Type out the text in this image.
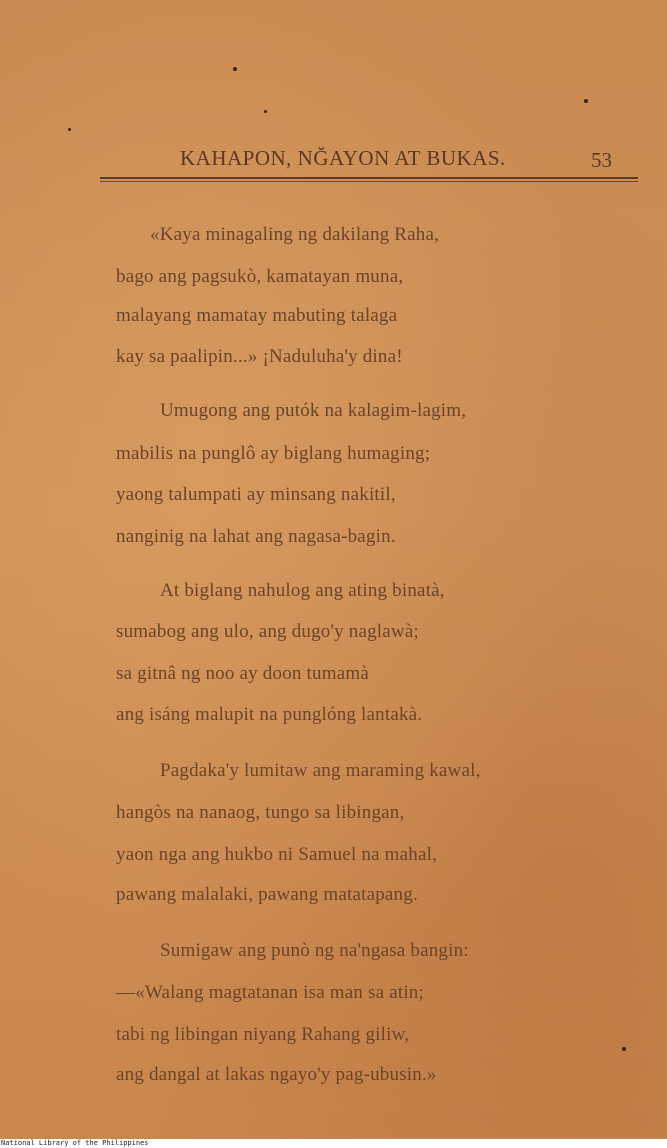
KAHAPON, NĞAYON AT BUKAS.	53
«Kaya minagaling ng dakilang Raha,
bago ang pagsukò, kamatayan muna,
malayang mamatay mabuting talaga
kay sa paalipin...» ¡Naduluha'y dina!
Umugong ang putók na kalagim-lagim,
mabilis na punglô ay biglang humaging;
yaong talumpati ay minsang nakitil,
nanginig na lahat ang nagasa-bagin.
At biglang nahulog ang ating binatà,
sumabog ang ulo, ang dugo'y naglawà;
sa gitnâ ng noo ay doon tumamà
ang isáng malupit na punglóng lantakà.
Pagdaka'y lumitaw ang maraming kawal,
hangòs na nanaog, tungo sa libingan,
yaon nga ang hukbo ni Samuel na mahal,
pawang malalaki, pawang matatapang.
Sumigaw ang punò ng na'ngasa bangin:
—«Walang magtatanan isa man sa atin;
tabi ng libingan niyang Rahang giliw,
ang dangal at lakas ngayo'y pag-ubusin.»
National Library of the Philippines
